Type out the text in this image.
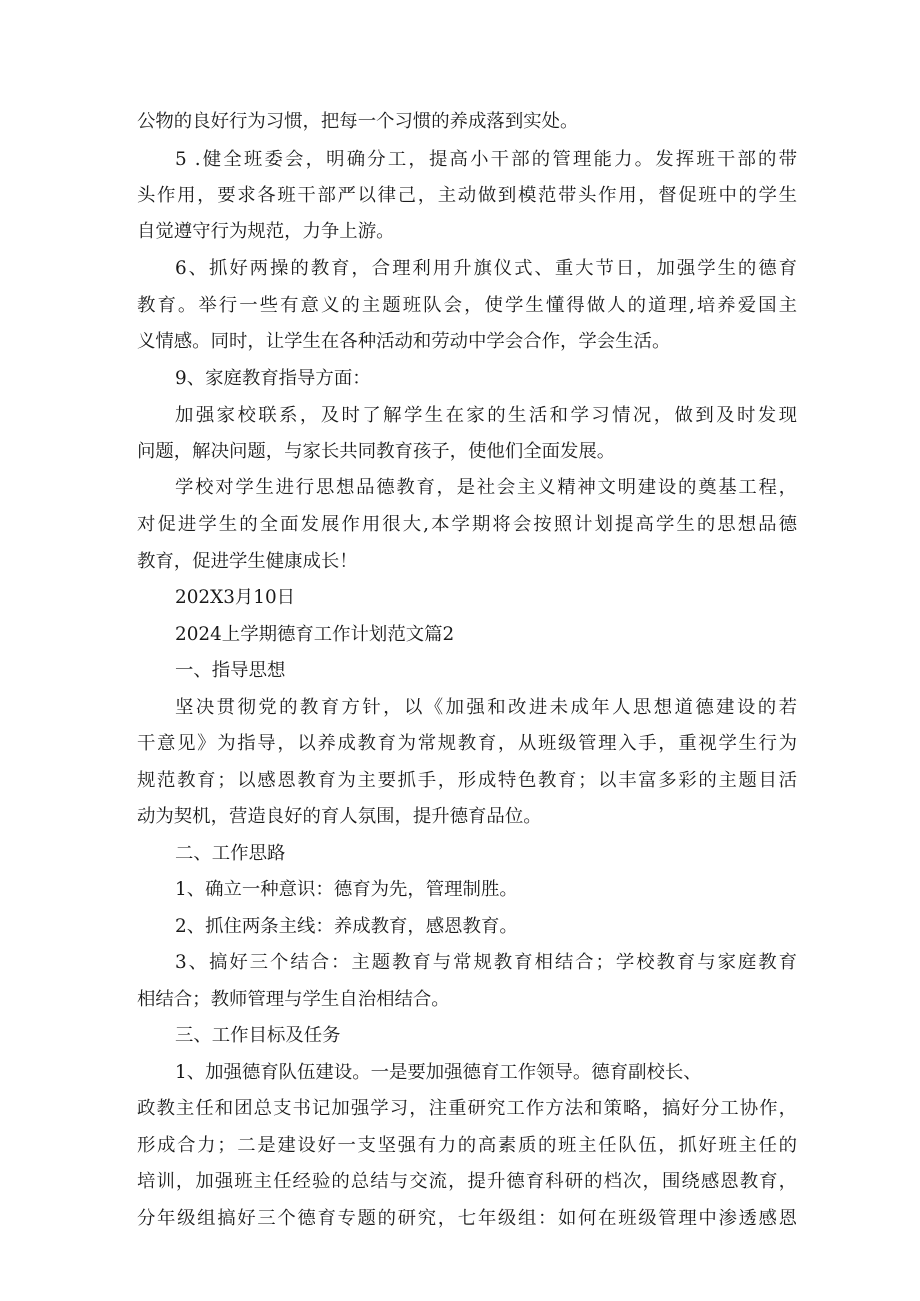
公物的良好行为习惯，把每一个习惯的养成落到实处。
5 .健全班委会，明确分工，提高小干部的管理能力。发挥班干部的带
头作用，要求各班干部严以律己，主动做到模范带头作用，督促班中的学生
自觉遵守行为规范，力争上游。
6、抓好两操的教育，合理利用升旗仪式、重大节日，加强学生的德育
教育。举行一些有意义的主题班队会，使学生懂得做人的道理,培养爱国主
义情感。同时，让学生在各种活动和劳动中学会合作，学会生活。
9、家庭教育指导方面：
加强家校联系，及时了解学生在家的生活和学习情况，做到及时发现
问题，解决问题，与家长共同教育孩子，使他们全面发展。
学校对学生进行思想品德教育，是社会主义精神文明建设的奠基工程，
对促进学生的全面发展作用很大,本学期将会按照计划提高学生的思想品德
教育，促进学生健康成长！
202X3月10日
2024上学期德育工作计划范文篇2
一、指导思想
坚决贯彻党的教育方针，以《加强和改进未成年人思想道德建设的若
干意见》为指导，以养成教育为常规教育，从班级管理入手，重视学生行为
规范教育；以感恩教育为主要抓手，形成特色教育；以丰富多彩的主题目活
动为契机，营造良好的育人氛围，提升德育品位。
二、工作思路
1、确立一种意识：德育为先，管理制胜。
2、抓住两条主线：养成教育，感恩教育。
3、搞好三个结合：主题教育与常规教育相结合；学校教育与家庭教育
相结合；教师管理与学生自治相结合。
三、工作目标及任务
1、加强德育队伍建设。一是要加强德育工作领导。德育副校长、
政教主任和团总支书记加强学习，注重研究工作方法和策略，搞好分工协作，
形成合力；二是建设好一支坚强有力的高素质的班主任队伍，抓好班主任的
培训，加强班主任经验的总结与交流，提升德育科研的档次，围绕感恩教育，
分年级组搞好三个德育专题的研究，七年级组：如何在班级管理中渗透感恩
